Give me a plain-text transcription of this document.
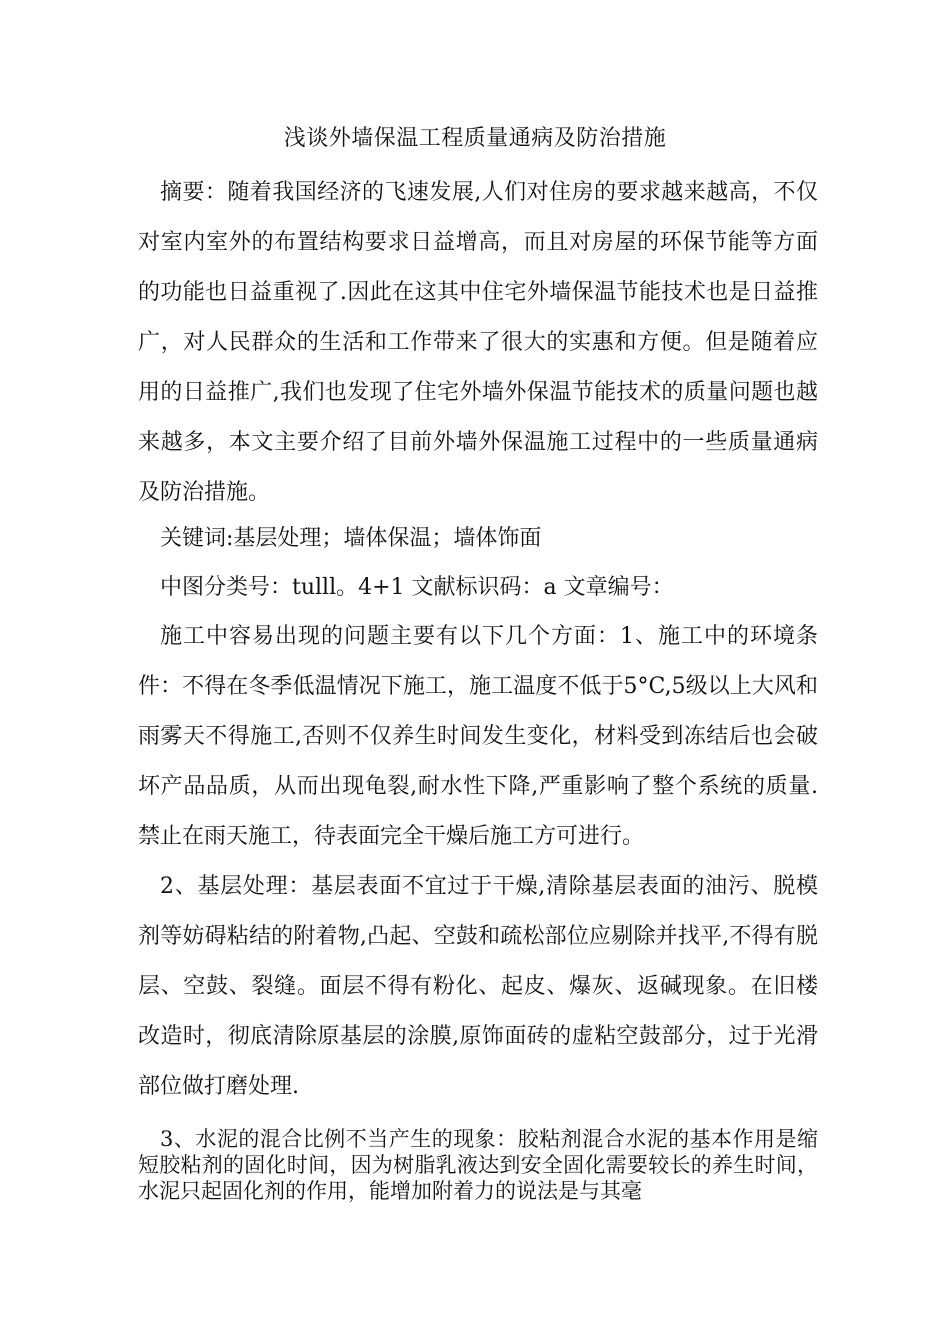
浅谈外墙保温工程质量通病及防治措施
摘要：随着我国经济的飞速发展,人们对住房的要求越来越高，不仅对室内室外的布置结构要求日益增高，而且对房屋的环保节能等方面的功能也日益重视了.因此在这其中住宅外墙保温节能技术也是日益推广，对人民群众的生活和工作带来了很大的实惠和方便。但是随着应用的日益推广,我们也发现了住宅外墙外保温节能技术的质量问题也越来越多，本文主要介绍了目前外墙外保温施工过程中的一些质量通病及防治措施。
关键词:基层处理；墙体保温；墙体饰面
中图分类号：tulll。4+1 文献标识码：a 文章编号：
施工中容易出现的问题主要有以下几个方面：1、施工中的环境条件：不得在冬季低温情况下施工，施工温度不低于5°C,5级以上大风和雨雾天不得施工,否则不仅养生时间发生变化，材料受到冻结后也会破坏产品品质，从而出现龟裂,耐水性下降,严重影响了整个系统的质量.禁止在雨天施工，待表面完全干燥后施工方可进行。
2、基层处理：基层表面不宜过于干燥,清除基层表面的油污、脱模剂等妨碍粘结的附着物,凸起、空鼓和疏松部位应剔除并找平,不得有脱层、空鼓、裂缝。面层不得有粉化、起皮、爆灰、返碱现象。在旧楼改造时，彻底清除原基层的涂膜,原饰面砖的虚粘空鼓部分，过于光滑部位做打磨处理.
3、水泥的混合比例不当产生的现象：胶粘剂混合水泥的基本作用是缩短胶粘剂的固化时间，因为树脂乳液达到安全固化需要较长的养生时间，水泥只起固化剂的作用，能增加附着力的说法是与其毫
